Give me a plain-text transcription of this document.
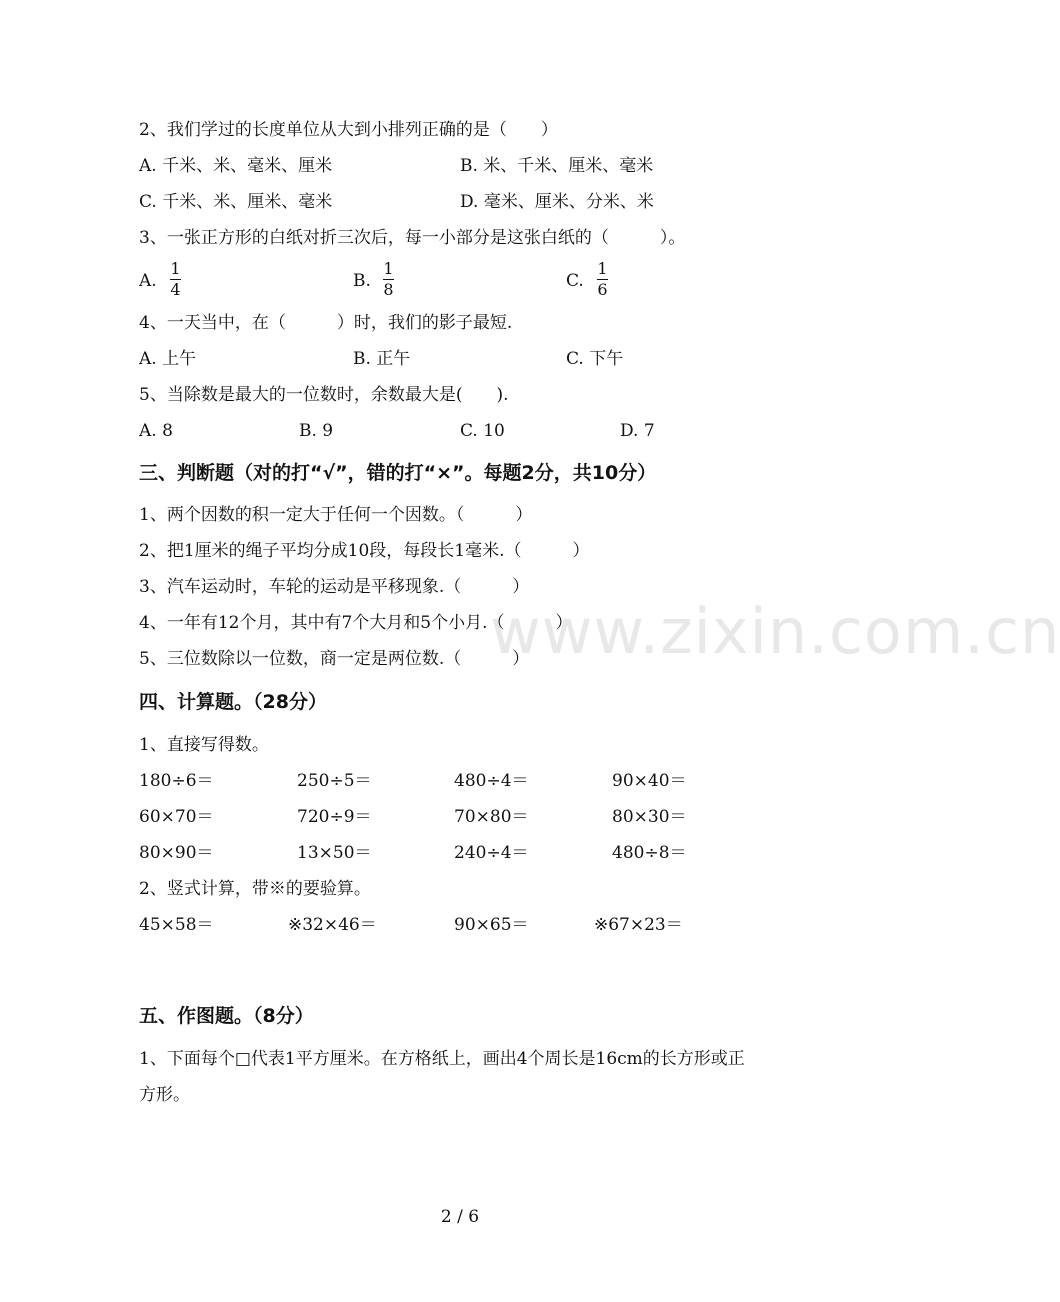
2、我们学过的长度单位从大到小排列正确的是（　　）
A. 千米、米、毫米、厘米	B. 米、千米、厘米、毫米
C. 千米、米、厘米、毫米	D. 毫米、厘米、分米、米
3、一张正方形的白纸对折三次后，每一小部分是这张白纸的（　　　）。
A.
1
4	B.
1
8	C.
1
6
4、一天当中，在（　　　）时，我们的影子最短.
A. 上午	B. 正午	C. 下午
5、当除数是最大的一位数时，余数最大是(　　).
A. 8	B. 9	C. 10	D. 7
三、判断题（对的打“√”，错的打“×”。每题2分，共10分）
1、两个因数的积一定大于任何一个因数。（　　　）
2、把1厘米的绳子平均分成10段，每段长1毫米.（　　　）
3、汽车运动时，车轮的运动是平移现象.（　　　）
4、一年有12个月，其中有7个大月和5个小月.（　　　）
5、三位数除以一位数，商一定是两位数.（　　　）
www.zixin.com.cn
四、计算题。（28分）
1、直接写得数。
180÷6＝	250÷5＝	480÷4＝	90×40＝
60×70＝	720÷9＝	70×80＝	80×30＝
80×90＝	13×50＝	240÷4＝	480÷8＝
2、竖式计算，带※的要验算。
45×58＝	※32×46＝	90×65＝	※67×23＝
五、作图题。（8分）
1、下面每个□代表1平方厘米。在方格纸上，画出4个周长是16cm的长方形或正
方形。
2 / 6
